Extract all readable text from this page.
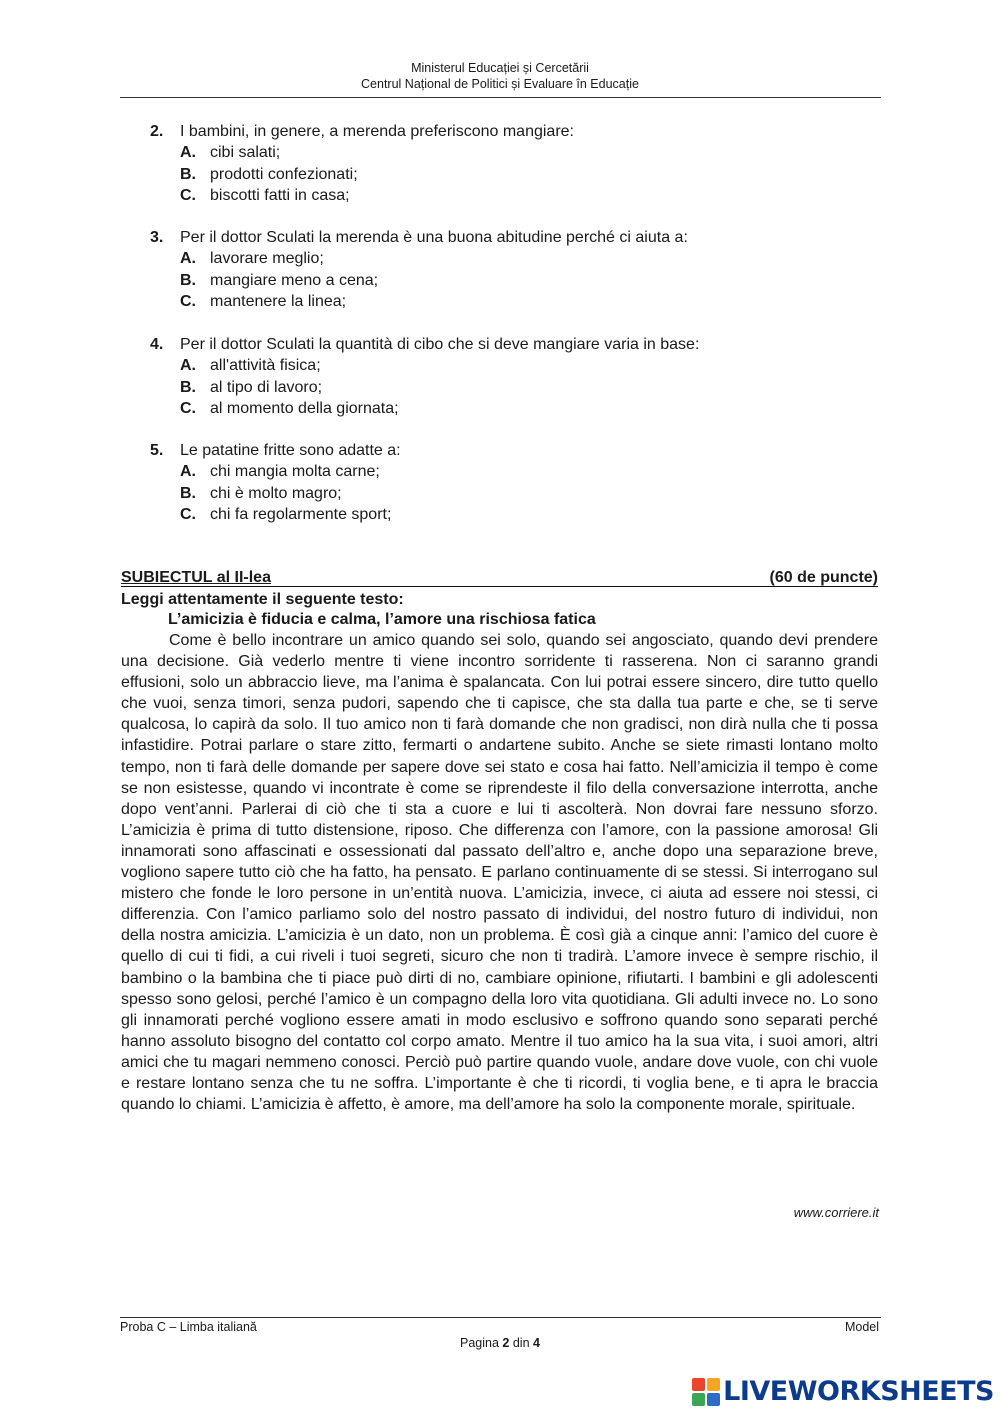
Ministerul Educației și Cercetării
Centrul Național de Politici și Evaluare în Educație
2. I bambini, in genere, a merenda preferiscono mangiare:
A. cibi salati;
B. prodotti confezionati;
C. biscotti fatti in casa;
3. Per il dottor Sculati la merenda è una buona abitudine perché ci aiuta a:
A. lavorare meglio;
B. mangiare meno a cena;
C. mantenere la linea;
4. Per il dottor Sculati la quantità di cibo che si deve mangiare varia in base:
A. all'attività fisica;
B. al tipo di lavoro;
C. al momento della giornata;
5. Le patatine fritte sono adatte a:
A. chi mangia molta carne;
B. chi è molto magro;
C. chi fa regolarmente sport;
SUBIECTUL al II-lea	(60 de puncte)
Leggi attentamente il seguente testo:
L’amicizia è fiducia e calma, l’amore una rischiosa fatica

Come è bello incontrare un amico quando sei solo, quando sei angosciato, quando devi prendere una decisione. Già vederlo mentre ti viene incontro sorridente ti rasserena. Non ci saranno grandi effusioni, solo un abbraccio lieve, ma l’anima è spalancata. Con lui potrai essere sincero, dire tutto quello che vuoi, senza timori, senza pudori, sapendo che ti capisce, che sta dalla tua parte e che, se ti serve qualcosa, lo capirà da solo. Il tuo amico non ti farà domande che non gradisci, non dirà nulla che ti possa infastidire. Potrai parlare o stare zitto, fermarti o andartene subito. Anche se siete rimasti lontano molto tempo, non ti farà delle domande per sapere dove sei stato e cosa hai fatto. Nell’amicizia il tempo è come se non esistesse, quando vi incontrate è come se riprendeste il filo della conversazione interrotta, anche dopo vent’anni. Parlerai di ciò che ti sta a cuore e lui ti ascolterà. Non dovrai fare nessuno sforzo. L’amicizia è prima di tutto distensione, riposo. Che differenza con l’amore, con la passione amorosa! Gli innamorati sono affascinati e ossessionati dal passato dell’altro e, anche dopo una separazione breve, vogliono sapere tutto ciò che ha fatto, ha pensato. E parlano continuamente di se stessi. Si interrogano sul mistero che fonde le loro persone in un’entità nuova. L’amicizia, invece, ci aiuta ad essere noi stessi, ci differenzia. Con l’amico parliamo solo del nostro passato di individui, del nostro futuro di individui, non della nostra amicizia. L’amicizia è un dato, non un problema. È così già a cinque anni: l’amico del cuore è quello di cui ti fidi, a cui riveli i tuoi segreti, sicuro che non ti tradirà. L’amore invece è sempre rischio, il bambino o la bambina che ti piace può dirti di no, cambiare opinione, rifiutarti. I bambini e gli adolescenti spesso sono gelosi, perché l’amico è un compagno della loro vita quotidiana. Gli adulti invece no. Lo sono gli innamorati perché vogliono essere amati in modo esclusivo e soffrono quando sono separati perché hanno assoluto bisogno del contatto col corpo amato. Mentre il tuo amico ha la sua vita, i suoi amori, altri amici che tu magari nemmeno conosci. Perciò può partire quando vuole, andare dove vuole, con chi vuole e restare lontano senza che tu ne soffra. L’importante è che ti ricordi, ti voglia bene, e ti apra le braccia quando lo chiami. L’amicizia è affetto, è amore, ma dell’amore ha solo la componente morale, spirituale.

www.corriere.it
Proba C – Limba italiană	Model
Pagina 2 din 4
LIVEWORKSHEETS
